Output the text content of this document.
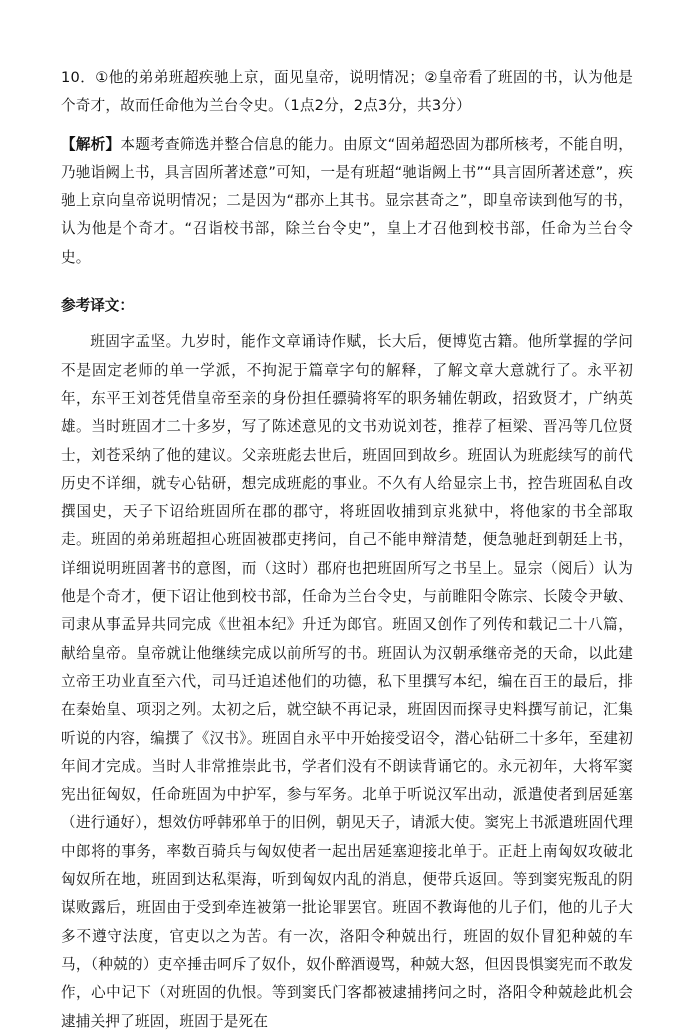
10．①他的弟弟班超疾驰上京，面见皇帝，说明情况；②皇帝看了班固的书，认为他是个奇才，故而任命他为兰台令史。（1点2分，2点3分，共3分）

【解析】本题考查筛选并整合信息的能力。由原文“固弟超恐固为郡所核考，不能自明，乃驰诣阙上书，具言固所著述意”可知，一是有班超“驰诣阙上书”“具言固所著述意”，疾驰上京向皇帝说明情况；二是因为“郡亦上其书。显宗甚奇之”，即皇帝读到他写的书，认为他是个奇才。“召诣校书部，除兰台令史”，皇上才召他到校书部，任命为兰台令史。

参考译文：

班固字孟坚。九岁时，能作文章诵诗作赋，长大后，便博览古籍。他所掌握的学问不是固定老师的单一学派，不拘泥于篇章字句的解释，了解文章大意就行了。永平初年，东平王刘苍凭借皇帝至亲的身份担任骠骑将军的职务辅佐朝政，招致贤才，广纳英雄。当时班固才二十多岁，写了陈述意见的文书劝说刘苍，推荐了桓梁、晋冯等几位贤士，刘苍采纳了他的建议。父亲班彪去世后，班固回到故乡。班固认为班彪续写的前代历史不详细，就专心钻研，想完成班彪的事业。不久有人给显宗上书，控告班固私自改撰国史，天子下诏给班固所在郡的郡守，将班固收捕到京兆狱中，将他家的书全部取走。班固的弟弟班超担心班固被郡吏拷问，自己不能申辩清楚，便急驰赶到朝廷上书，详细说明班固著书的意图，而（这时）郡府也把班固所写之书呈上。显宗（阅后）认为他是个奇才，便下诏让他到校书部，任命为兰台令史，与前睢阳令陈宗、长陵令尹敏、司隶从事孟异共同完成《世祖本纪》升迁为郎官。班固又创作了列传和载记二十八篇，献给皇帝。皇帝就让他继续完成以前所写的书。班固认为汉朝承继帝尧的天命，以此建立帝王功业直至六代，司马迁追述他们的功德，私下里撰写本纪，编在百王的最后，排在秦始皇、项羽之列。太初之后，就空缺不再记录，班固因而探寻史料撰写前记，汇集听说的内容，编撰了《汉书》。班固自永平中开始接受诏令，潜心钻研二十多年，至建初年间才完成。当时人非常推崇此书，学者们没有不朗读背诵它的。永元初年，大将军窦宪出征匈奴，任命班固为中护军，参与军务。北单于听说汉军出动，派遣使者到居延塞（进行通好），想效仿呼韩邪单于的旧例，朝见天子，请派大使。窦宪上书派遣班固代理中郎将的事务，率数百骑兵与匈奴使者一起出居延塞迎接北单于。正赶上南匈奴攻破北匈奴所在地，班固到达私渠海，听到匈奴内乱的消息，便带兵返回。等到窦宪叛乱的阴谋败露后，班固由于受到牵连被第一批论罪罢官。班固不教诲他的儿子们，他的儿子大多不遵守法度，官吏以之为苦。有一次，洛阳令种兢出行，班固的奴仆冒犯种兢的车马，（种兢的）吏卒捶击呵斥了奴仆，奴仆醉酒谩骂，种兢大怒，但因畏惧窦宪而不敢发作，心中记下（对班固的仇恨。等到窦氏门客都被逮捕拷问之时，洛阳令种兢趁此机会逮捕关押了班固，班固于是死在
